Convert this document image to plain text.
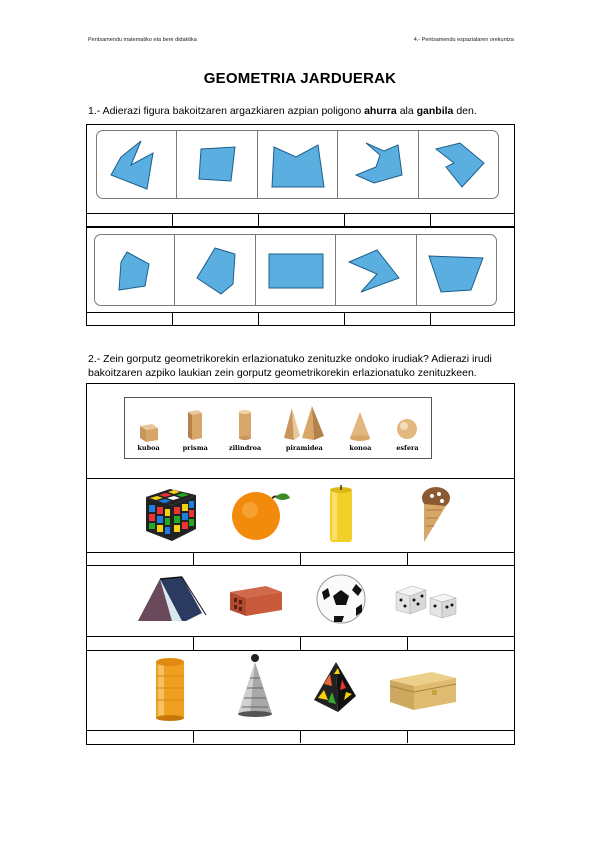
Pentsamendu matematiko eta bere didaktika	4.- Pentsamendu espazialaren orekuntza
GEOMETRIA JARDUERAK
1.- Adierazi figura bakoitzaren argazkiaren azpian poligono ahurra ala ganbila den.
2.- Zein gorputz geometrikorekin erlazionatuko zenituzke ondoko irudiak? Adierazi irudi bakoitzaren azpiko laukian zein gorputz geometrikorekin erlazionatuko zenituzkeen.
kuboa	prisma	zilindroa	piramidea	konoa	esfera
